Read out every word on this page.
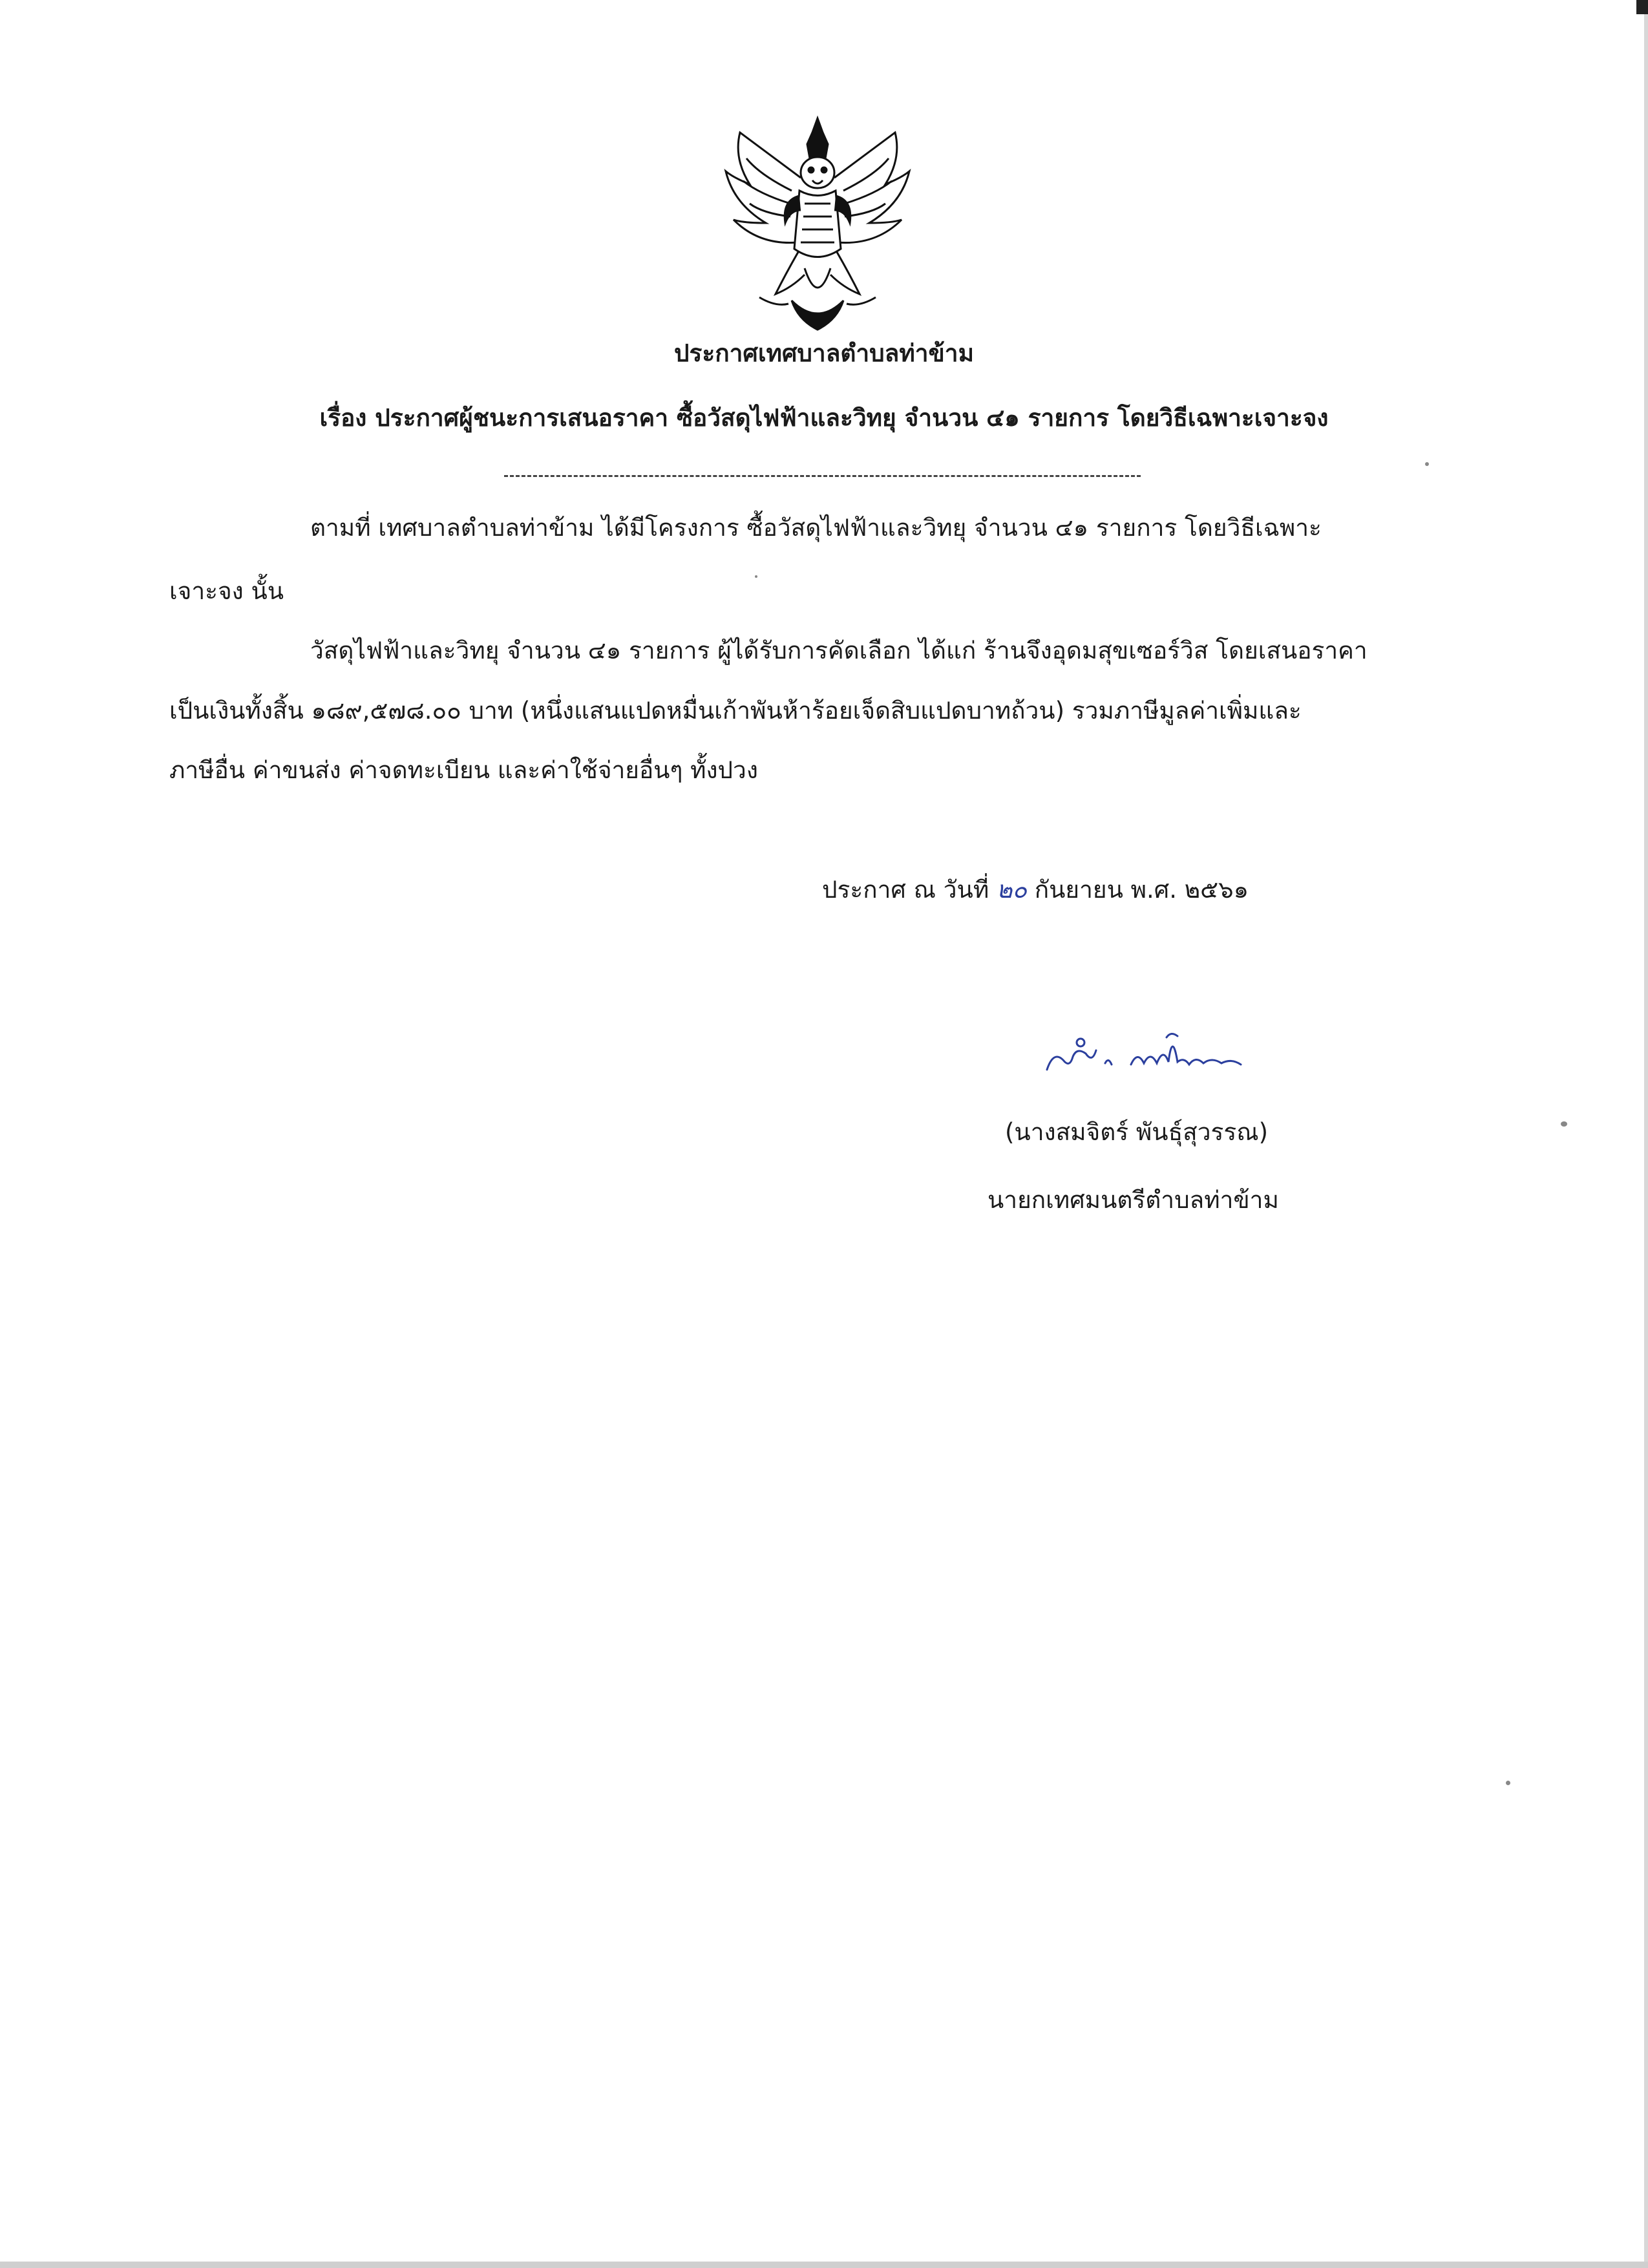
ประกาศเทศบาลตำบลท่าข้าม
เรื่อง ประกาศผู้ชนะการเสนอราคา ซื้อวัสดุไฟฟ้าและวิทยุ จำนวน ๔๑ รายการ โดยวิธีเฉพาะเจาะจง
ตามที่ เทศบาลตำบลท่าข้าม ได้มีโครงการ ซื้อวัสดุไฟฟ้าและวิทยุ จำนวน ๔๑ รายการ โดยวิธีเฉพาะ
เจาะจง นั้น
วัสดุไฟฟ้าและวิทยุ จำนวน ๔๑ รายการ ผู้ได้รับการคัดเลือก ได้แก่ ร้านจึงอุดมสุขเซอร์วิส โดยเสนอราคา
เป็นเงินทั้งสิ้น ๑๘๙,๕๗๘.๐๐ บาท (หนึ่งแสนแปดหมื่นเก้าพันห้าร้อยเจ็ดสิบแปดบาทถ้วน) รวมภาษีมูลค่าเพิ่มและ
ภาษีอื่น ค่าขนส่ง ค่าจดทะเบียน และค่าใช้จ่ายอื่นๆ ทั้งปวง
ประกาศ ณ วันที่ ๒๐ กันยายน พ.ศ. ๒๕๖๑
(นางสมจิตร์ พันธุ์สุวรรณ)
นายกเทศมนตรีตำบลท่าข้าม
